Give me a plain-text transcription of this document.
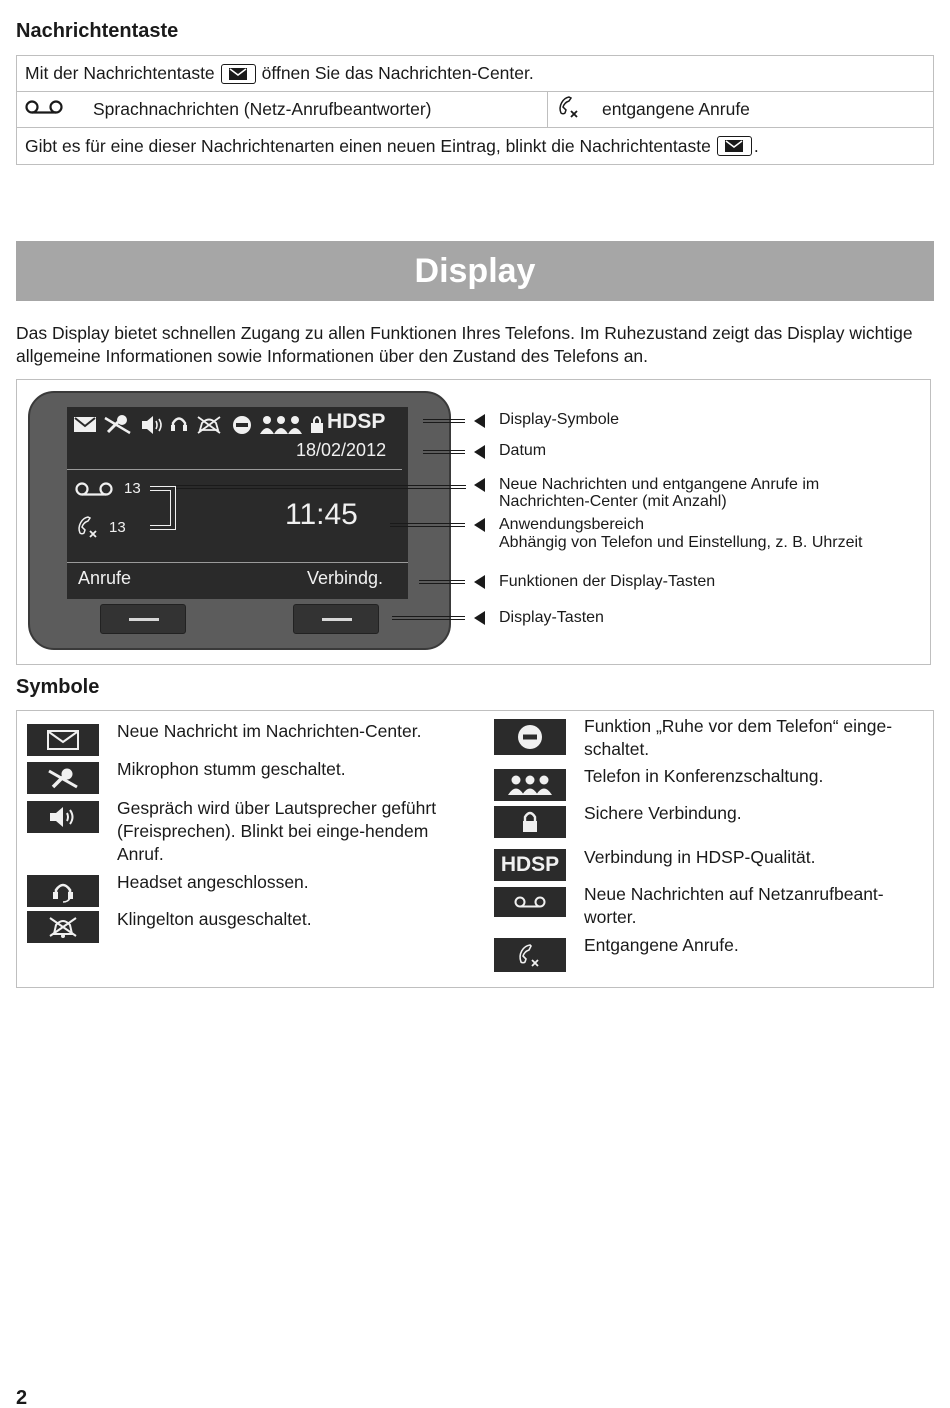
Nachrichtentaste
Mit der Nachrichtentaste	öffnen Sie das Nachrichten-Center.
Sprachnachrichten (Netz-Anrufbeantworter)	entgangene Anrufe
Gibt es für eine dieser Nachrichtenarten einen neuen Eintrag, blinkt die Nachrichtentaste .
Display
Das Display bietet schnellen Zugang zu allen Funktionen Ihres Telefons. Im Ruhezustand zeigt das Display wichtige allgemeine Informationen sowie Informationen über den Zustand des Telefons an.
HDSP
18/02/2012
13
13	11:45
Anrufe	Verbindg.
Display-Symbole
Datum
Neue Nachrichten und entgangene Anrufe im
Nachrichten-Center (mit Anzahl)
Anwendungsbereich
Abhängig von Telefon und Einstellung, z. B. Uhrzeit
Funktionen der Display-Tasten
Display-Tasten
Symbole
Neue Nachricht im Nachrichten-Center.
Mikrophon stumm geschaltet.
Gespräch wird über Lautsprecher geführt (Freisprechen). Blinkt bei einge-hendem Anruf.
Headset angeschlossen.
Klingelton ausgeschaltet.
HDSP
Funktion „Ruhe vor dem Telefon“ einge-schaltet.
Telefon in Konferenzschaltung.
Sichere Verbindung.
Verbindung in HDSP-Qualität.
Neue Nachrichten auf Netzanrufbeant-worter.
Entgangene Anrufe.
2
